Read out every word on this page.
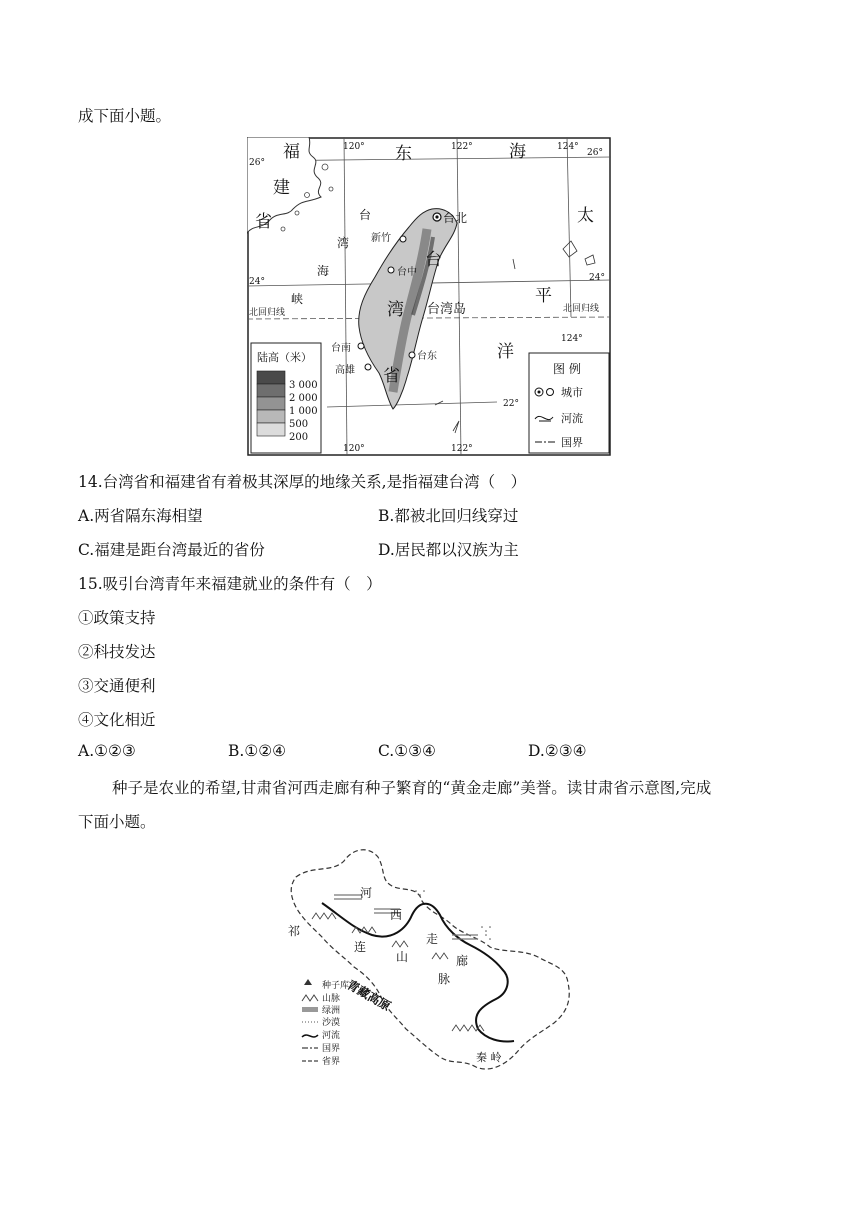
成下面小题。
120°	122°	124°
120°	122°
124°
26°
26°
24°	24°
22°
福
建
省
东	海
太
平
洋
台
湾
海
峡
台
湾
省
台湾岛
北回归线	北回归线
台北
新竹
台中
台南
高雄
台东
陆高（米）
3 000
2 000
1 000
500
200
图 例
城市
河流
国界
14.台湾省和福建省有着极其深厚的地缘关系,是指福建台湾（　）
A.两省隔东海相望	B.都被北回归线穿过
C.福建是距台湾最近的省份	D.居民都以汉族为主
15.吸引台湾青年来福建就业的条件有（　）
①政策支持
②科技发达
③交通便利
④文化相近
A.①②③	B.①②④	C.①③④	D.②③④
种子是农业的希望,甘肃省河西走廊有种子繁育的“黄金走廊”美誉。读甘肃省示意图,完成
下面小题。
河
西
走
廊
祁
连
山
脉
青藏高原
秦 岭
种子库
山脉
绿洲
沙漠
河流
国界
省界
